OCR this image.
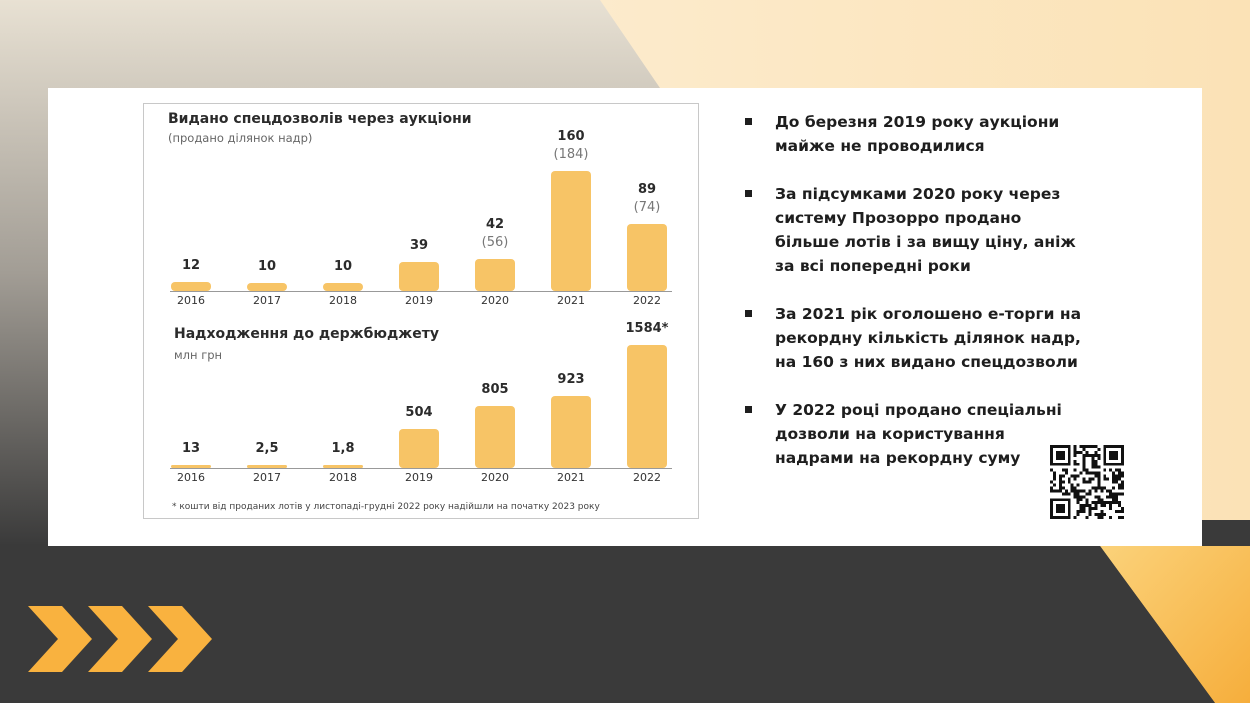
Видано спецдозволів через аукціони
(продано ділянок надр)
12
2016
10
2017
10
2018
39
2019
42
(56)
2020
160
(184)
2021
89
(74)
2022
Надходження до держбюджету
млн грн
13
2016
2,5
2017
1,8
2018
504
2019
805
2020
923
2021
1584*
2022
* кошти від проданих лотів у листопаді-грудні 2022 року надійшли на початку 2023 року
До березня 2019 року аукціони майже не проводилися
За підсумками 2020 року через систему Прозорро продано більше лотів і за вищу ціну, аніж за всі попередні роки
За 2021 рік оголошено е-торги на рекордну кількість ділянок надр, на 160 з них видано спецдозволи
У 2022 році продано спеціальні дозволи на користування надрами на рекордну суму
